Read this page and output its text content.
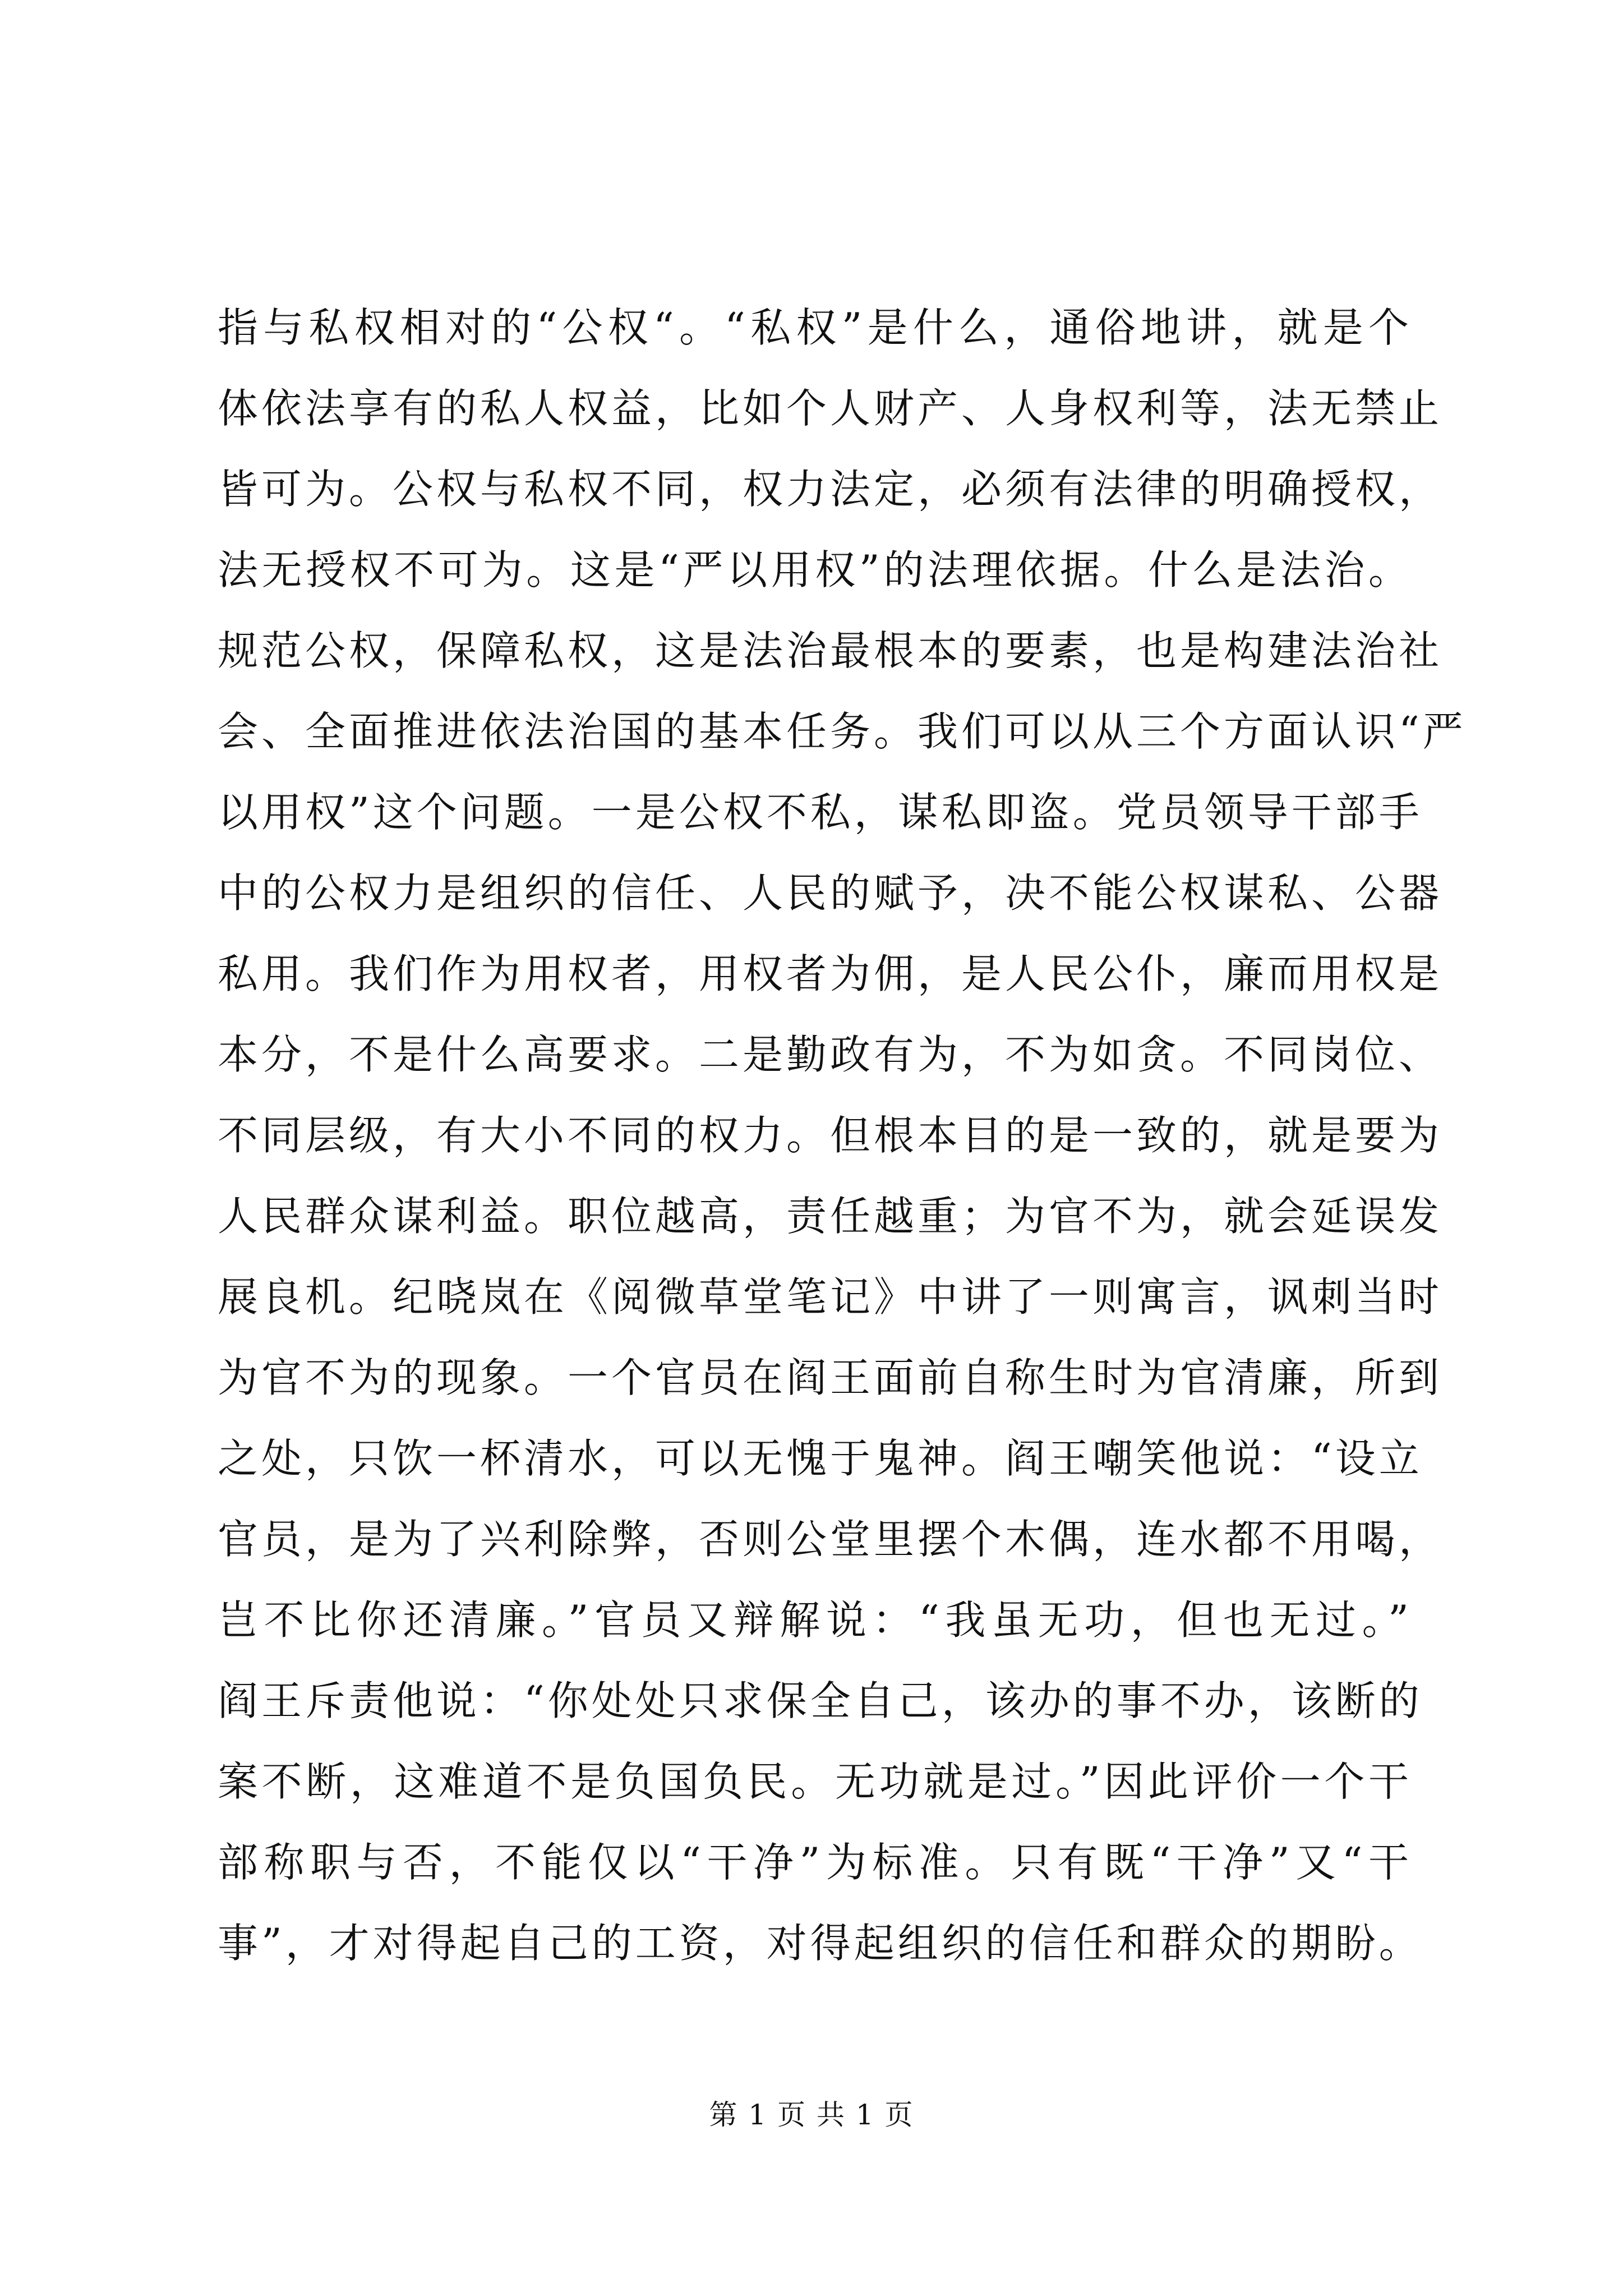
指与私权相对的“公权“。“私权”是什么，通俗地讲，就是个
体依法享有的私人权益，比如个人财产、人身权利等，法无禁止
皆可为。公权与私权不同，权力法定，必须有法律的明确授权，
法无授权不可为。这是“严以用权”的法理依据。什么是法治。
规范公权，保障私权，这是法治最根本的要素，也是构建法治社
会、全面推进依法治国的基本任务。我们可以从三个方面认识“严
以用权”这个问题。一是公权不私，谋私即盗。党员领导干部手
中的公权力是组织的信任、人民的赋予，决不能公权谋私、公器
私用。我们作为用权者，用权者为佣，是人民公仆，廉而用权是
本分，不是什么高要求。二是勤政有为，不为如贪。不同岗位、
不同层级，有大小不同的权力。但根本目的是一致的，就是要为
人民群众谋利益。职位越高，责任越重；为官不为，就会延误发
展良机。纪晓岚在《阅微草堂笔记》中讲了一则寓言，讽刺当时
为官不为的现象。一个官员在阎王面前自称生时为官清廉，所到
之处，只饮一杯清水，可以无愧于鬼神。阎王嘲笑他说：“设立
官员，是为了兴利除弊，否则公堂里摆个木偶，连水都不用喝，
岂不比你还清廉。”官员又辩解说：“我虽无功，但也无过。”
阎王斥责他说：“你处处只求保全自己，该办的事不办，该断的
案不断，这难道不是负国负民。无功就是过。”因此评价一个干
部称职与否，不能仅以“干净”为标准。只有既“干净”又“干
事”，才对得起自己的工资，对得起组织的信任和群众的期盼。
第 1 页 共 1 页
